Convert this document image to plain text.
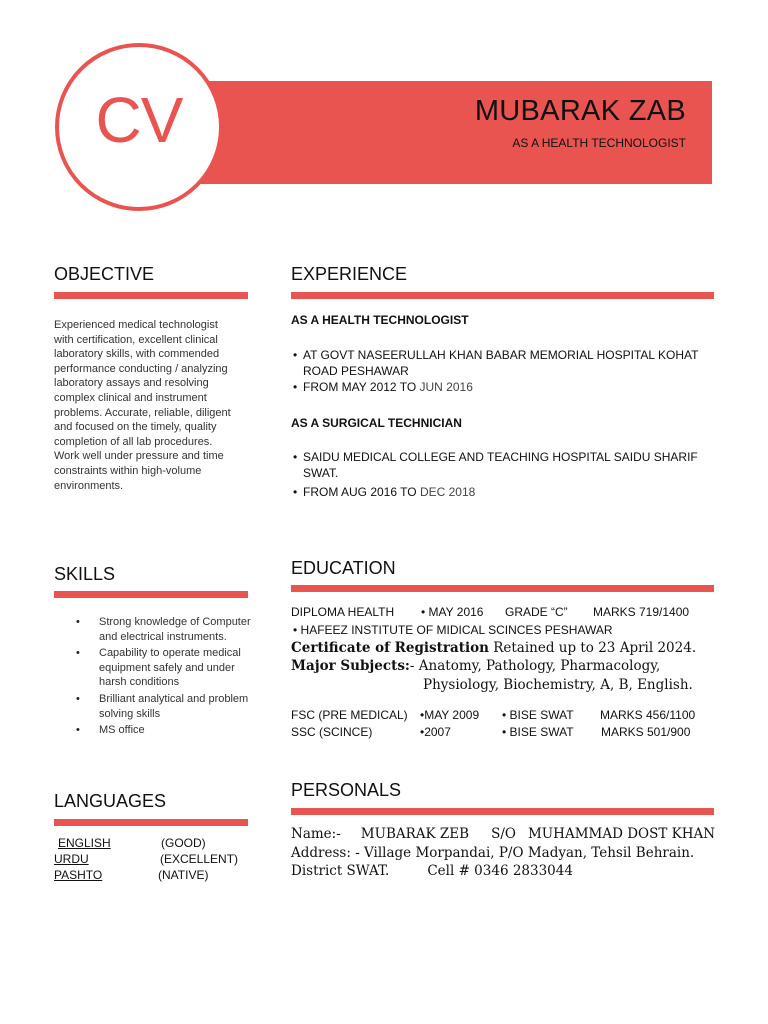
CV	MUBARAK ZAB
AS A HEALTH TECHNOLOGIST
OBJECTIVE
Experienced medical technologist with certification, excellent clinical laboratory skills, with commended performance conducting / analyzing laboratory assays and resolving complex clinical and instrument problems. Accurate, reliable, diligent and focused on the timely, quality completion of all lab procedures. Work well under pressure and time constraints within high-volume environments.
SKILLS
• Strong knowledge of Computer and electrical instruments.
• Capability to operate medical equipment safely and under harsh conditions
• Brilliant analytical and problem solving skills
• MS office
LANGUAGES
ENGLISH	(GOOD)
URDU	(EXCELLENT)
PASHTO	(NATIVE)
EXPERIENCE
AS A HEALTH TECHNOLOGIST
• AT GOVT NASEERULLAH KHAN BABAR MEMORIAL HOSPITAL KOHAT ROAD PESHAWAR
• FROM MAY 2012 TO JUN 2016
AS A SURGICAL TECHNICIAN
• SAIDU MEDICAL COLLEGE AND TEACHING HOSPITAL SAIDU SHARIF SWAT.
• FROM AUG 2016 TO DEC 2018
EDUCATION
DIPLOMA HEALTH • MAY 2016 GRADE “C” MARKS 719/1400
• HAFEEZ INSTITUTE OF MIDICAL SCINCES PESHAWAR
Certificate of Registration Retained up to 23 April 2024.
Major Subjects:- Anatomy, Pathology, Pharmacology,
Physiology, Biochemistry, A, B, English.
FSC (PRE MEDICAL) •MAY 2009 • BISE SWAT MARKS 456/1100
SSC (SCINCE)	•2007	• BISE SWAT MARKS 501/900
PERSONALS
Name:- MUBARAK ZEB S/O MUHAMMAD DOST KHAN
Address: - Village Morpandai, P/O Madyan, Tehsil Behrain.
District SWAT.	Cell # 0346 2833044
